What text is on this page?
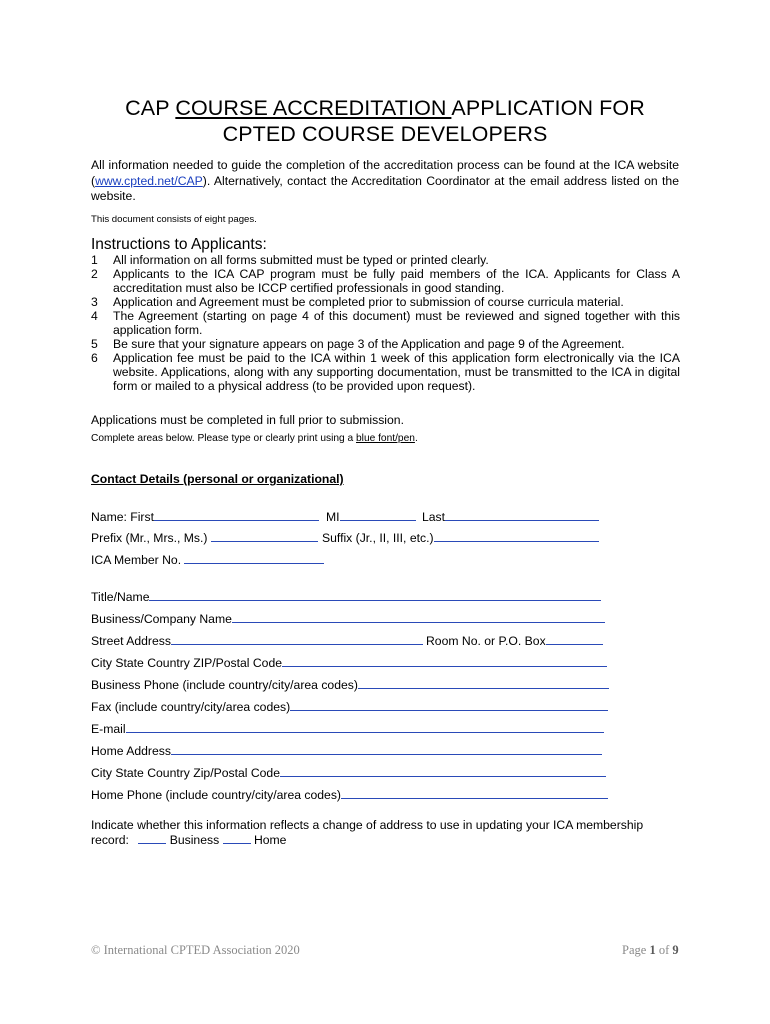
CAP COURSE ACCREDITATION APPLICATION FOR
CPTED COURSE DEVELOPERS
All information needed to guide the completion of the accreditation process can be found at the ICA website (www.cpted.net/CAP). Alternatively, contact the Accreditation Coordinator at the email address listed on the website.
This document consists of eight pages.
Instructions to Applicants:
1 All information on all forms submitted must be typed or printed clearly.
2 Applicants to the ICA CAP program must be fully paid members of the ICA. Applicants for Class A accreditation must also be ICCP certified professionals in good standing.
3 Application and Agreement must be completed prior to submission of course curricula material.
4 The Agreement (starting on page 4 of this document) must be reviewed and signed together with this application form.
5 Be sure that your signature appears on page 3 of the Application and page 9 of the Agreement.
6 Application fee must be paid to the ICA within 1 week of this application form electronically via the ICA website. Applications, along with any supporting documentation, must be transmitted to the ICA in digital form or mailed to a physical address (to be provided upon request).
Applications must be completed in full prior to submission.
Complete areas below. Please type or clearly print using a blue font/pen.
Contact Details (personal or organizational)
Name: First	MI	Last
Prefix (Mr., Mrs., Ms.)	Suffix (Jr., II, III, etc.)
ICA Member No.
Title/Name
Business/Company Name
Street Address	Room No. or P.O. Box
City State Country ZIP/Postal Code
Business Phone (include country/city/area codes)
Fax (include country/city/area codes)
E-mail
Home Address
City State Country Zip/Postal Code
Home Phone (include country/city/area codes)
Indicate whether this information reflects a change of address to use in updating your ICA membership
record:	Business	Home
© International CPTED Association 2020	Page 1 of 9
